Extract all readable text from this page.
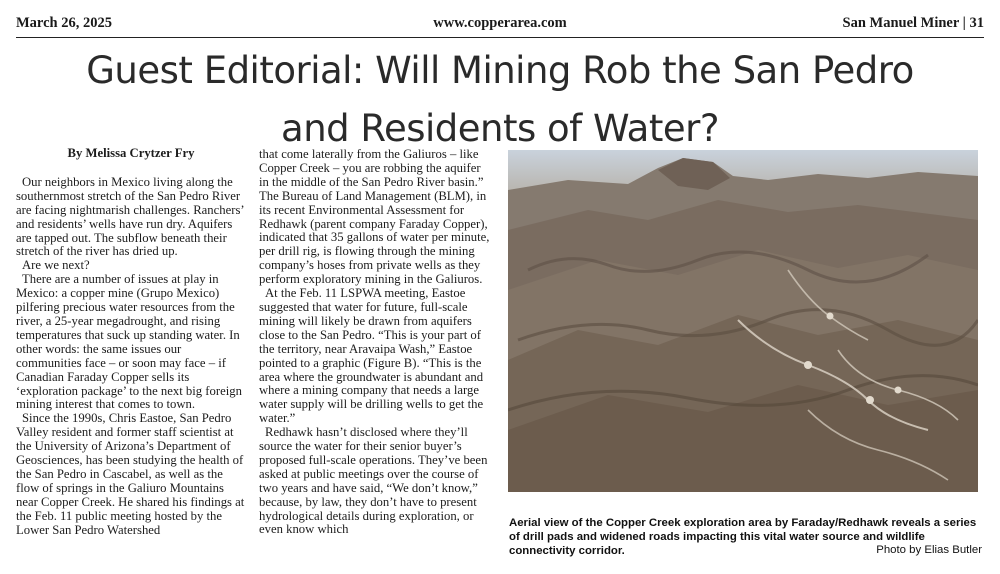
March 26, 2025	www.copperarea.com	San Manuel Miner | 31
Guest Editorial: Will Mining Rob the San Pedro
and Residents of Water?

By Melissa Crytzer Fry

Our neighbors in Mexico living along the southernmost stretch of the San Pedro River are facing nightmarish challenges. Ranchers’ and residents’ wells have run dry. Aquifers are tapped out. The subflow beneath their stretch of the river has dried up.

Are we next?

There are a number of issues at play in Mexico: a copper mine (Grupo Mexico) pilfering precious water resources from the river, a 25-year megadrought, and rising temperatures that suck up standing water. In other words: the same issues our communities face – or soon may face – if Canadian Faraday Copper sells its ‘exploration package’ to the next big foreign mining interest that comes to town.

Since the 1990s, Chris Eastoe, San Pedro Valley resident and former staff scientist at the University of Arizona’s Department of Geosciences, has been studying the health of the San Pedro in Cascabel, as well as the flow of springs in the Galiuro Mountains near Copper Creek. He shared his findings at the Feb. 11 public meeting hosted by the Lower San Pedro Watershed

that come laterally from the Galiuros – like Copper Creek – you are robbing the aquifer in the middle of the San Pedro River basin.” The Bureau of Land Management (BLM), in its recent Environmental Assessment for Redhawk (parent company Faraday Copper), indicated that 35 gallons of water per minute, per drill rig, is flowing through the mining company’s hoses from private wells as they perform exploratory mining in the Galiuros.

At the Feb. 11 LSPWA meeting, Eastoe suggested that water for future, full-scale mining will likely be drawn from aquifers close to the San Pedro. “This is your part of the territory, near Aravaipa Wash,” Eastoe pointed to a graphic (Figure B). “This is the area where the groundwater is abundant and where a mining company that needs a large water supply will be drilling wells to get the water.”

Redhawk hasn’t disclosed where they’ll source the water for their senior buyer’s proposed full-scale operations. They’ve been asked at public meetings over the course of two years and have said, “We don’t know,” because, by law, they don’t have to present hydrological details during exploration, or even know which	Aerial view of the Copper Creek exploration area by Faraday/Redhawk reveals a series of drill pads and widened roads impacting this vital water source and wildlife connectivity corridor.	Photo by Elias Butler
